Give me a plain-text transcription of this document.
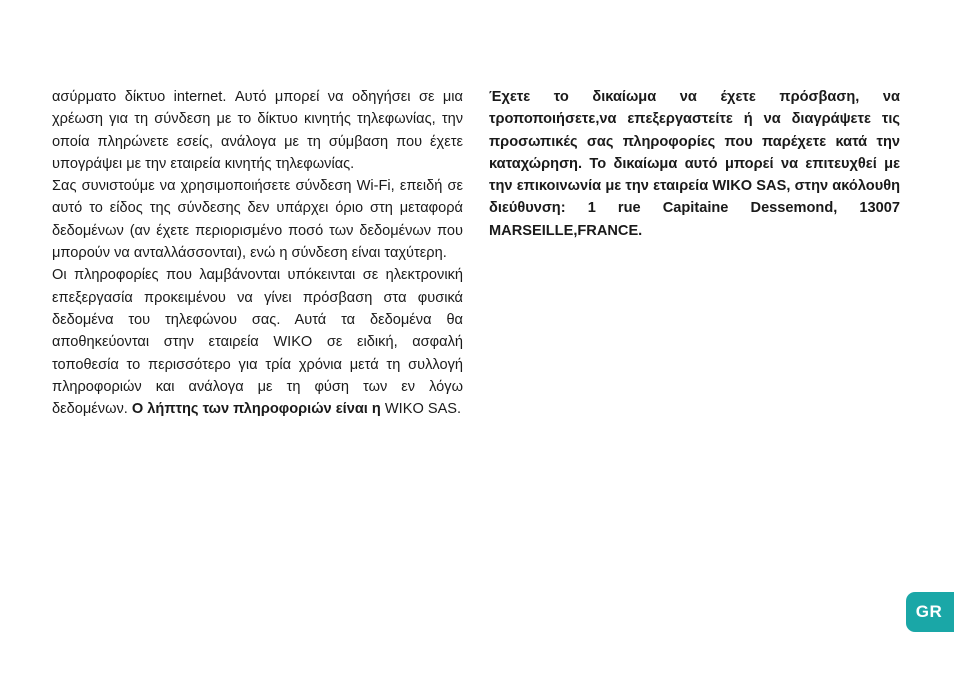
ασύρματο δίκτυο internet. Αυτό μπορεί να οδηγήσει σε μια χρέωση για τη σύνδεση με το δίκτυο κινητής τηλεφωνίας, την οποία πληρώνετε εσείς, ανάλογα με τη σύμβαση που έχετε υπογράψει με την εταιρεία κινητής τηλεφωνίας.

Σας συνιστούμε να χρησιμοποιήσετε σύνδεση Wi-Fi, επειδή σε αυτό το είδος της σύνδεσης δεν υπάρχει όριο στη μεταφορά δεδομένων (αν έχετε περιορισμένο ποσό των δεδομένων που μπορούν να ανταλλάσσονται), ενώ η σύνδεση είναι ταχύτερη.

Οι πληροφορίες που λαμβάνονται υπόκεινται σε ηλεκτρονική επεξεργασία προκειμένου να γίνει πρόσβαση στα φυσικά δεδομένα του τηλεφώνου σας. Αυτά τα δεδομένα θα αποθηκεύονται στην εταιρεία WIKO σε ειδική, ασφαλή τοποθεσία το περισσότερο για τρία χρόνια μετά τη συλλογή πληροφοριών και ανάλογα με τη φύση των εν λόγω δεδομένων. Ο λήπτης των πληροφοριών είναι η WIKO SAS.

Έχετε το δικαίωμα να έχετε πρόσβαση, να τροποποιήσετε,να επεξεργαστείτε ή να διαγράψετε τις προσωπικές σας πληροφορίες που παρέχετε κατά την καταχώρηση. Το δικαίωμα αυτό μπορεί να επιτευχθεί με την επικοινωνία με την εταιρεία WIKO SAS, στην ακόλουθη διεύθυνση: 1 rue Capitaine Dessemond, 13007 MARSEILLE,FRANCE.

GR
